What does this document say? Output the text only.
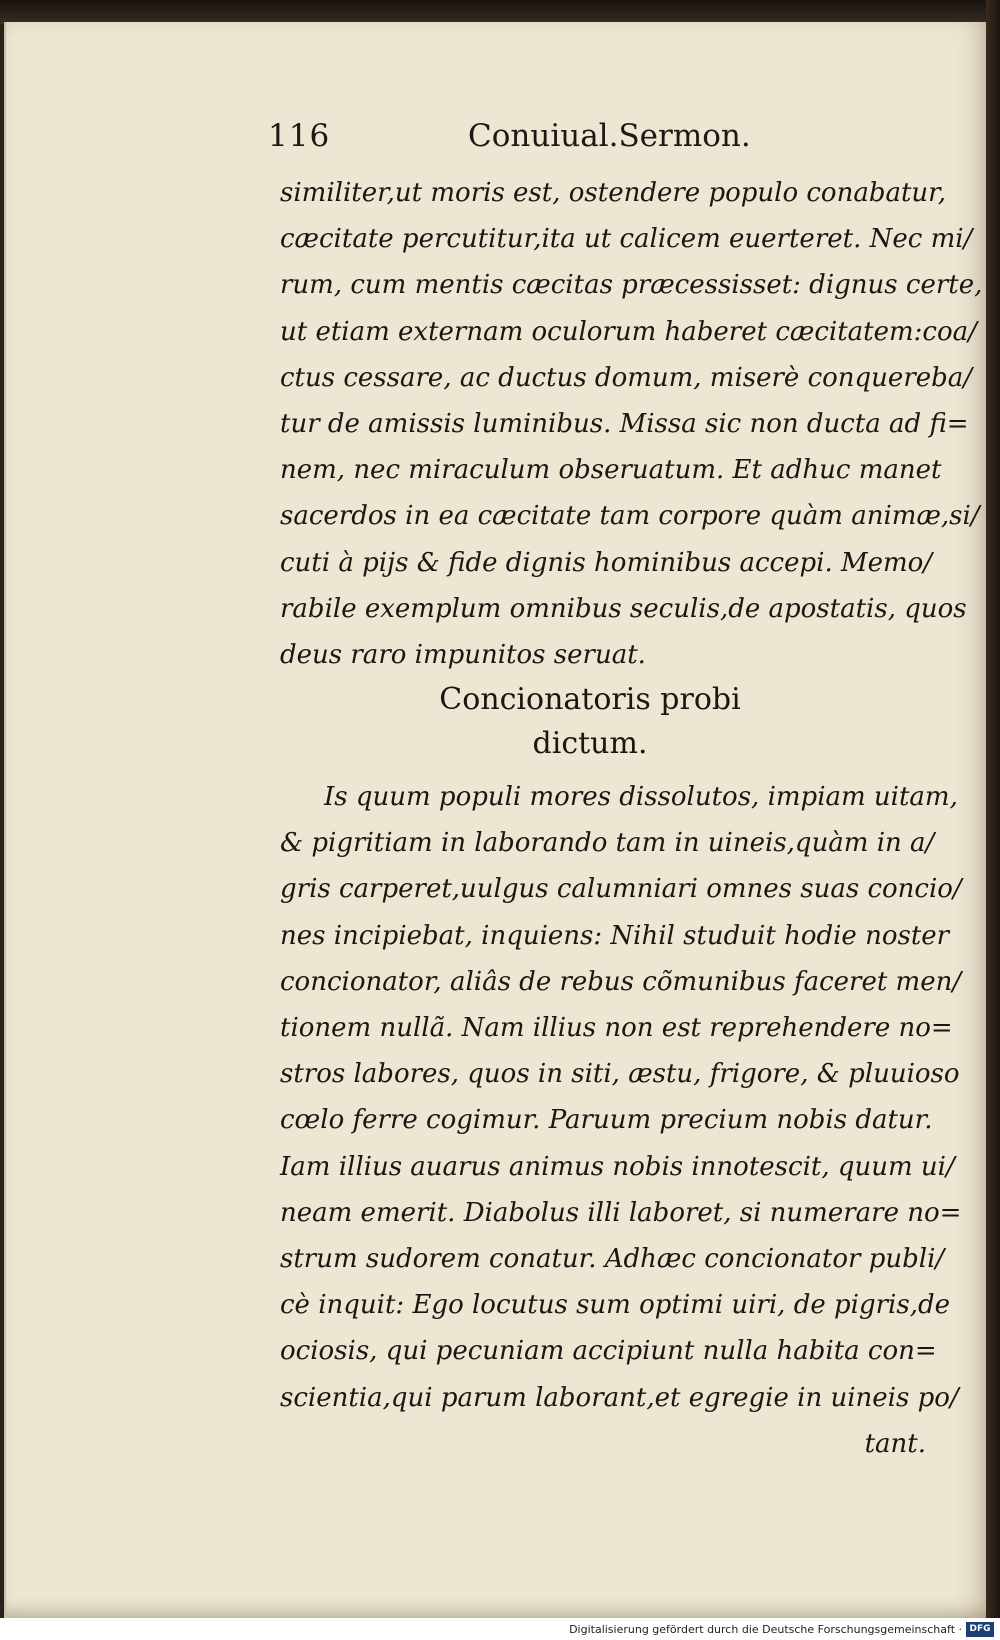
116	Conuiual.Sermon.
similiter,ut moris est, ostendere populo conabatur,
cæcitate percutitur,ita ut calicem euerteret. Nec mi/
rum, cum mentis cæcitas præcessisset: dignus certe,
ut etiam externam oculorum haberet cæcitatem:coa/
ctus cessare, ac ductus domum, miserè conquereba/
tur de amissis luminibus. Missa sic non ducta ad fi=
nem, nec miraculum obseruatum. Et adhuc manet
sacerdos in ea cæcitate tam corpore quàm animæ,si/
cuti à pijs & fide dignis hominibus accepi. Memo/
rabile exemplum omnibus seculis,de apostatis, quos
deus raro impunitos seruat.
Concionatoris probi
dictum.
Is quum populi mores dissolutos, impiam uitam,
& pigritiam in laborando tam in uineis,quàm in a/
gris carperet,uulgus calumniari omnes suas concio/
nes incipiebat, inquiens: Nihil studuit hodie noster
concionator, aliâs de rebus cõmunibus faceret men/
tionem nullã. Nam illius non est reprehendere no=
stros labores, quos in siti, æstu, frigore, & pluuioso
cœlo ferre cogimur. Paruum precium nobis datur.
Iam illius auarus animus nobis innotescit, quum ui/
neam emerit. Diabolus illi laboret, si numerare no=
strum sudorem conatur. Adhæc concionator publi/
cè inquit: Ego locutus sum optimi uiri, de pigris,de
ociosis, qui pecuniam accipiunt nulla habita con=
scientia,qui parum laborant,et egregie in uineis po/
tant.
Digitalisierung gefördert durch die Deutsche Forschungsgemeinschaft · DFG
